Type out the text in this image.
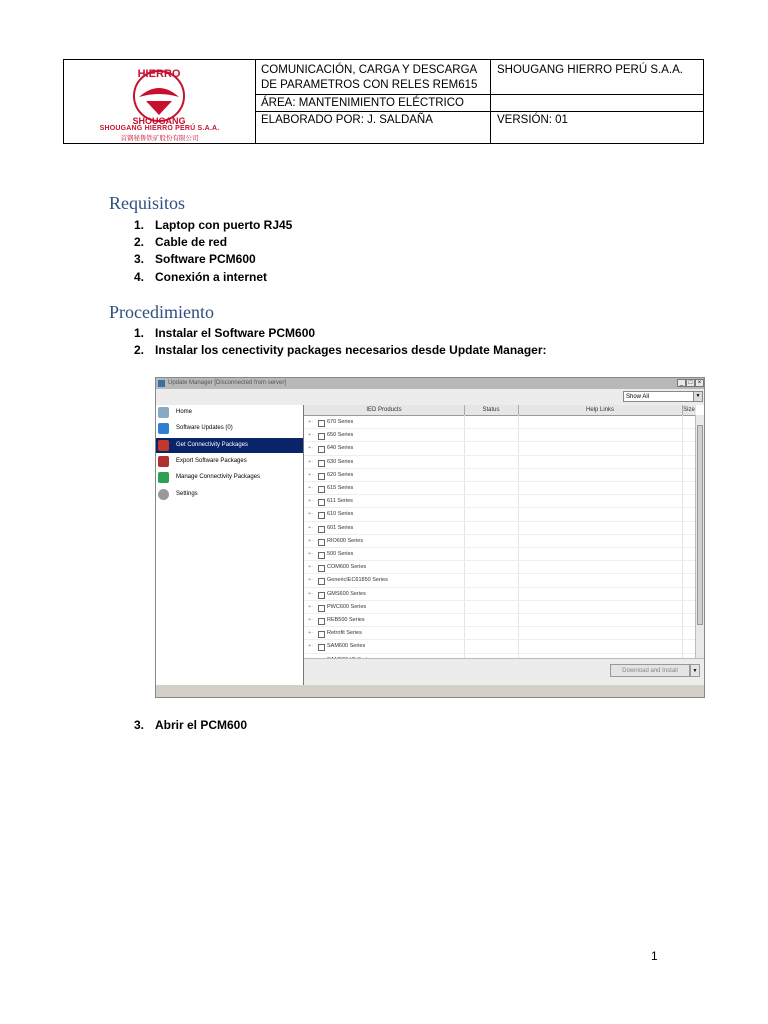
HIERRO
SHOUGANG
SHOUGANG HIERRO PERÚ S.A.A.
首钢秘鲁铁矿股份有限公司
COMUNICACIÓN, CARGA Y DESCARGA
DE PARAMETROS CON RELES REM615
SHOUGANG HIERRO PERÚ S.A.A.
ÁREA: MANTENIMIENTO ELÉCTRICO
ELABORADO POR: J. SALDAÑA	VERSIÓN: 01
Requisitos
1. Laptop con puerto RJ45
2. Cable de red
3. Software PCM600
4. Conexión a internet
Procedimiento
1. Instalar el Software PCM600
2. Instalar los cenectivity packages necesarios desde Update Manager:
Update Manager [Disconnected from server]	_ □ ×
Show All	▼
Home
Software Updates (0)
Get Connectivity Packages
Export Software Packages
Manage Connectivity Packages
Settings
IED Products	Status	Help Links	Size
+·	670 Series
+·	650 Series
+·	640 Series
+·	630 Series
+·	620 Series
+·	615 Series
+·	611 Series
+·	610 Series
+·	601 Series
+·	RIO600 Series
+·	500 Series
+·	COM600 Series
+·	GenericIEC61850 Series
+·	GMS600 Series
+·	PWC600 Series
+·	REB500 Series
+·	Retrofit Series
+·	SAM600 Series
Download and Install	▼
3. Abrir el PCM600
1
